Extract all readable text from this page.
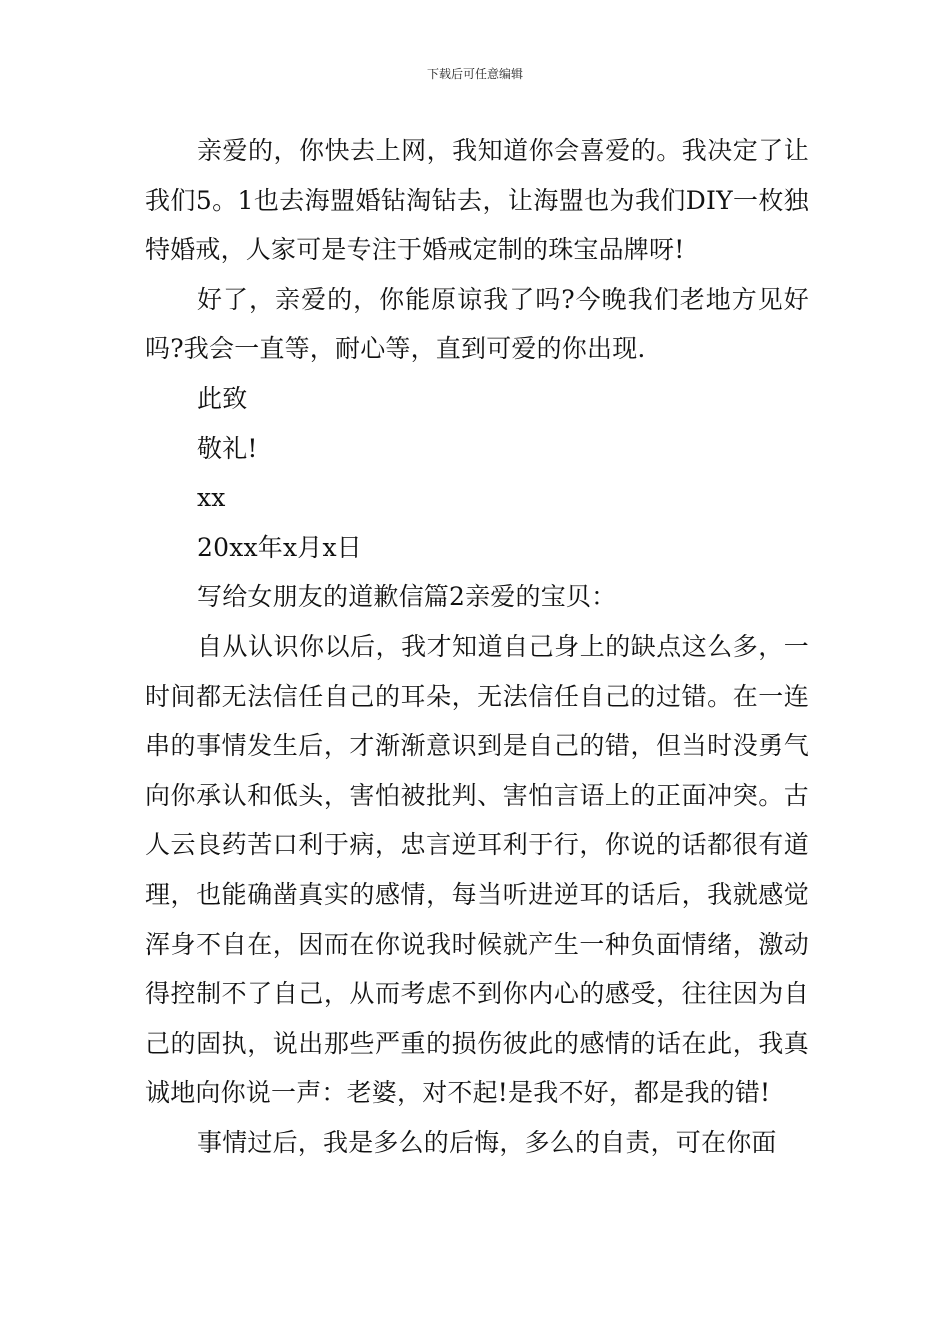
下载后可任意编辑

亲爱的，你快去上网，我知道你会喜爱的。我决定了让我们5。1也去海盟婚钻淘钻去，让海盟也为我们DIY一枚独特婚戒，人家可是专注于婚戒定制的珠宝品牌呀!

好了，亲爱的，你能原谅我了吗?今晚我们老地方见好吗?我会一直等，耐心等，直到可爱的你出现.

此致

敬礼!

xx

20xx年x月x日

写给女朋友的道歉信篇2亲爱的宝贝：

自从认识你以后，我才知道自己身上的缺点这么多，一时间都无法信任自己的耳朵，无法信任自己的过错。在一连串的事情发生后，才渐渐意识到是自己的错，但当时没勇气向你承认和低头，害怕被批判、害怕言语上的正面冲突。古人云良药苦口利于病，忠言逆耳利于行，你说的话都很有道理，也能确凿真实的感情，每当听进逆耳的话后，我就感觉浑身不自在，因而在你说我时候就产生一种负面情绪，激动得控制不了自己，从而考虑不到你内心的感受，往往因为自己的固执，说出那些严重的损伤彼此的感情的话在此，我真诚地向你说一声：老婆，对不起!是我不好，都是我的错!

事情过后，我是多么的后悔，多么的自责，可在你面
